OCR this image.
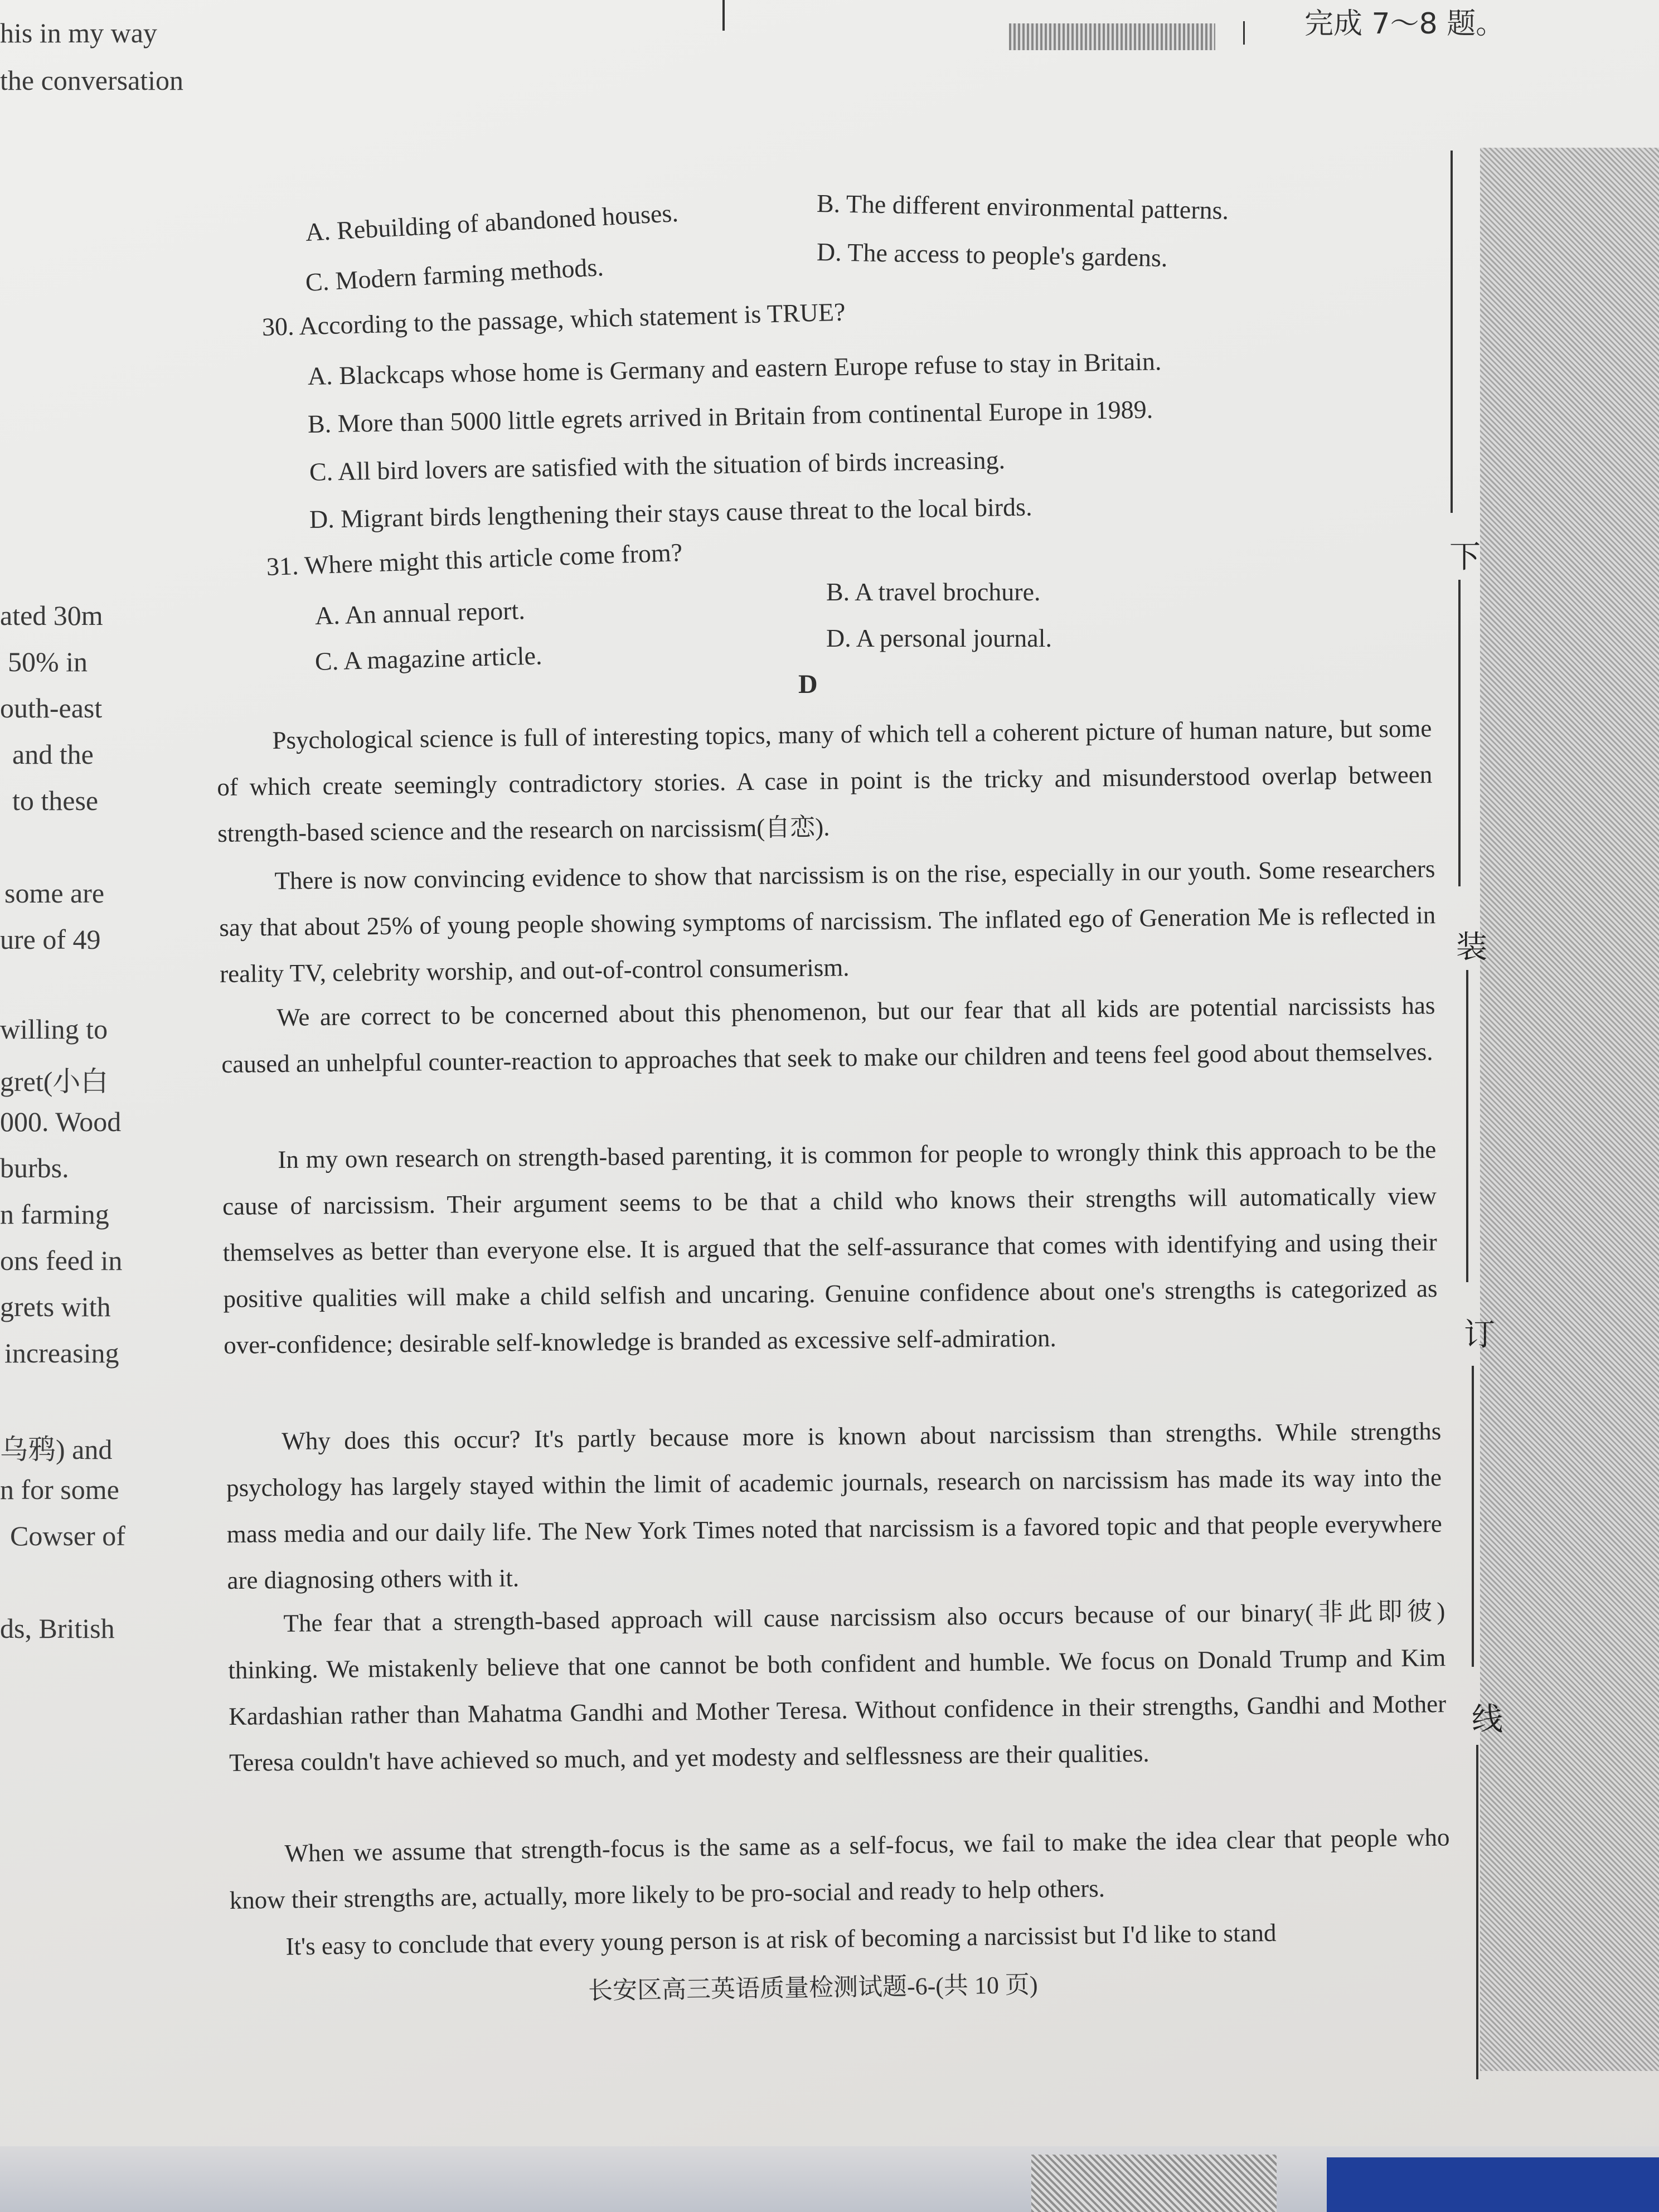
完成 7～8 题。
his in my way
the conversation
ated 30m
50% in
outh-east
and the
to these
some are
ure of 49
willing to
gret(小白
000. Wood
burbs.
n farming
ons feed in
grets with
increasing
乌鸦) and
n for some
Cowser of
ds, British
A. Rebuilding of abandoned houses.	B. The different environmental patterns.
C. Modern farming methods.	D. The access to people's gardens.
30. According to the passage, which statement is TRUE?
A. Blackcaps whose home is Germany and eastern Europe refuse to stay in Britain.
B. More than 5000 little egrets arrived in Britain from continental Europe in 1989.
C. All bird lovers are satisfied with the situation of birds increasing.
D. Migrant birds lengthening their stays cause threat to the local birds.
31. Where might this article come from?
A. An annual report.
B. A travel brochure.
C. A magazine article.
D. A personal journal.
D
Psychological science is full of interesting topics, many of which tell a coherent picture of human nature, but some of which create seemingly contradictory stories. A case in point is the tricky and misunderstood overlap between strength-based science and the research on narcissism(自恋).
There is now convincing evidence to show that narcissism is on the rise, especially in our youth. Some researchers say that about 25% of young people showing symptoms of narcissism. The inflated ego of Generation Me is reflected in reality TV, celebrity worship, and out-of-control consumerism.
We are correct to be concerned about this phenomenon, but our fear that all kids are potential narcissists has caused an unhelpful counter-reaction to approaches that seek to make our children and teens feel good about themselves.
In my own research on strength-based parenting, it is common for people to wrongly think this approach to be the cause of narcissism. Their argument seems to be that a child who knows their strengths will automatically view themselves as better than everyone else. It is argued that the self-assurance that comes with identifying and using their positive qualities will make a child selfish and uncaring. Genuine confidence about one's strengths is categorized as over-confidence; desirable self-knowledge is branded as excessive self-admiration.
Why does this occur? It's partly because more is known about narcissism than strengths. While strengths psychology has largely stayed within the limit of academic journals, research on narcissism has made its way into the mass media and our daily life. The New York Times noted that narcissism is a favored topic and that people everywhere are diagnosing others with it.
The fear that a strength-based approach will cause narcissism also occurs because of our binary(非此即彼) thinking. We mistakenly believe that one cannot be both confident and humble. We focus on Donald Trump and Kim Kardashian rather than Mahatma Gandhi and Mother Teresa. Without confidence in their strengths, Gandhi and Mother Teresa couldn't have achieved so much, and yet modesty and selflessness are their qualities.
When we assume that strength-focus is the same as a self-focus, we fail to make the idea clear that people who know their strengths are, actually, more likely to be pro-social and ready to help others.
It's easy to conclude that every young person is at risk of becoming a narcissist but I'd like to stand
长安区高三英语质量检测试题-6-(共 10 页)
下
装
订
线
